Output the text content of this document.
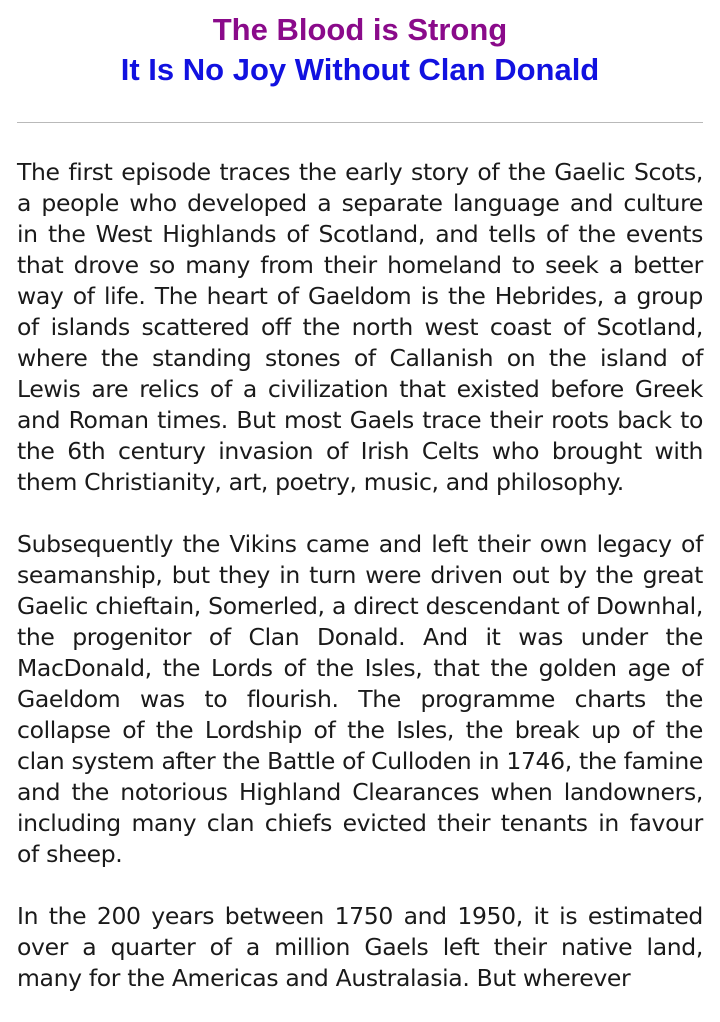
The Blood is Strong
It Is No Joy Without Clan Donald

The first episode traces the early story of the Gaelic Scots, a people who developed a separate language and culture in the West Highlands of Scotland, and tells of the events that drove so many from their homeland to seek a better way of life. The heart of Gaeldom is the Hebrides, a group of islands scattered off the north west coast of Scotland, where the standing stones of Callanish on the island of Lewis are relics of a civilization that existed before Greek and Roman times. But most Gaels trace their roots back to the 6th century invasion of Irish Celts who brought with them Christianity, art, poetry, music, and philosophy.

Subsequently the Vikins came and left their own legacy of seamanship, but they in turn were driven out by the great Gaelic chieftain, Somerled, a direct descendant of Downhal, the progenitor of Clan Donald. And it was under the MacDonald, the Lords of the Isles, that the golden age of Gaeldom was to flourish. The programme charts the collapse of the Lordship of the Isles, the break up of the clan system after the Battle of Culloden in 1746, the famine and the notorious Highland Clearances when landowners, including many clan chiefs evicted their tenants in favour of sheep.

In the 200 years between 1750 and 1950, it is estimated over a quarter of a million Gaels left their native land, many for the Americas and Australasia. But wherever
